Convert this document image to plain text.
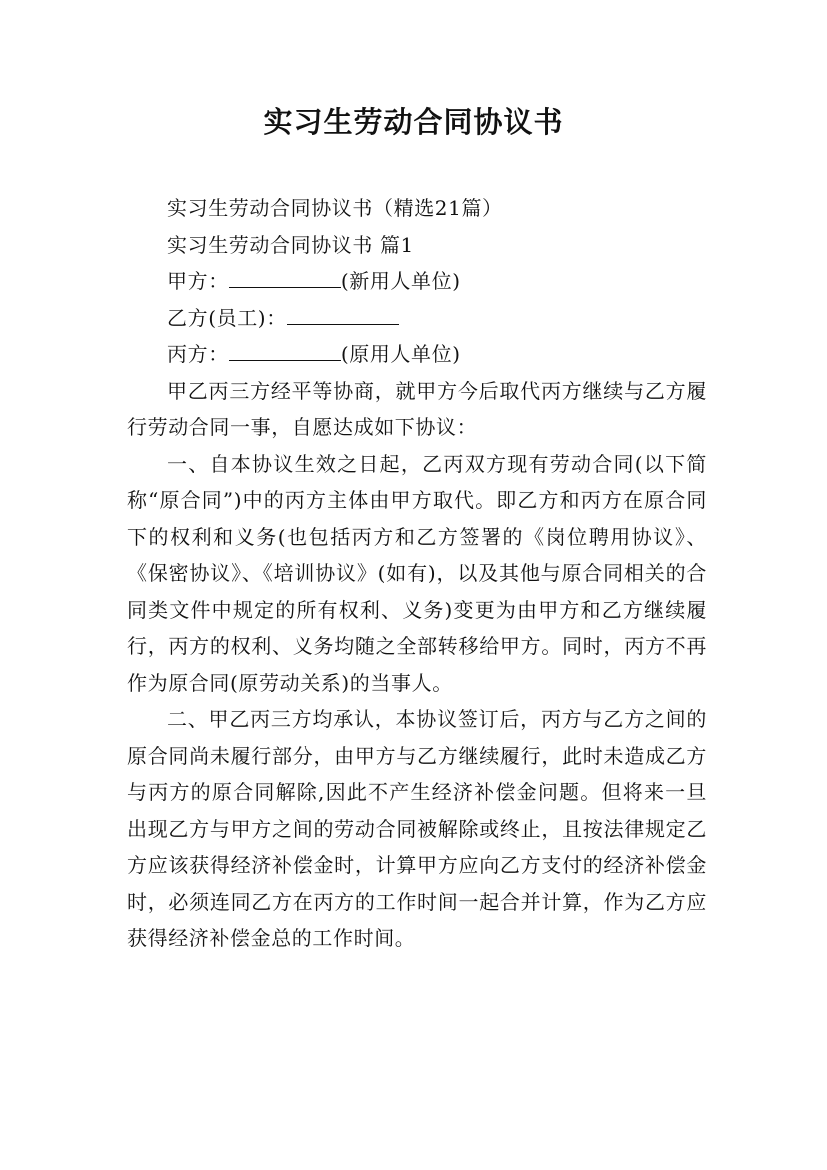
实习生劳动合同协议书

实习生劳动合同协议书（精选21篇）

实习生劳动合同协议书 篇1

甲方：	(新用人单位)

乙方(员工)：

丙方：	(原用人单位)

甲乙丙三方经平等协商，就甲方今后取代丙方继续与乙方履行劳动合同一事，自愿达成如下协议：

一、自本协议生效之日起，乙丙双方现有劳动合同(以下简称“原合同”)中的丙方主体由甲方取代。即乙方和丙方在原合同下的权利和义务(也包括丙方和乙方签署的《岗位聘用协议》、《保密协议》、《培训协议》(如有)，以及其他与原合同相关的合同类文件中规定的所有权利、义务)变更为由甲方和乙方继续履行，丙方的权利、义务均随之全部转移给甲方。同时，丙方不再作为原合同(原劳动关系)的当事人。

二、甲乙丙三方均承认，本协议签订后，丙方与乙方之间的原合同尚未履行部分，由甲方与乙方继续履行，此时未造成乙方与丙方的原合同解除,因此不产生经济补偿金问题。但将来一旦出现乙方与甲方之间的劳动合同被解除或终止，且按法律规定乙方应该获得经济补偿金时，计算甲方应向乙方支付的经济补偿金时，必须连同乙方在丙方的工作时间一起合并计算，作为乙方应获得经济补偿金总的工作时间。
